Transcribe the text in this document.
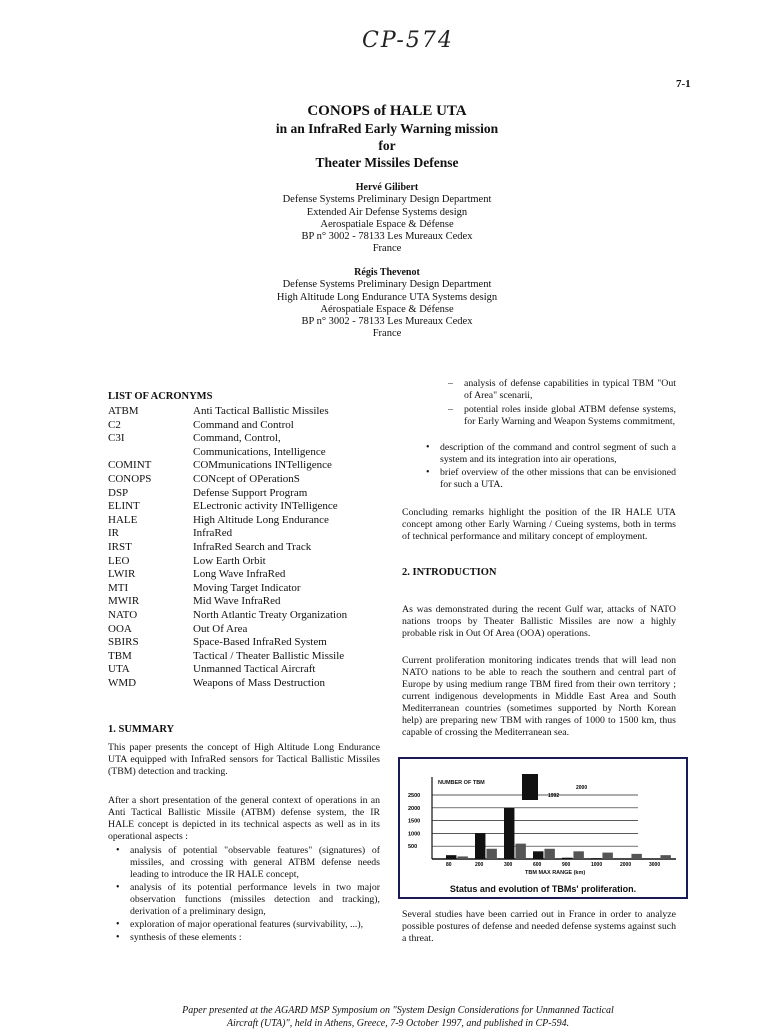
CP-574
7-1
CONOPS of HALE UTA
in an InfraRed Early Warning mission
for
Theater Missiles Defense
Hervé Gilibert
Defense Systems Preliminary Design Department
Extended Air Defense Systems design
Aerospatiale Espace & Défense
BP n° 3002 - 78133 Les Mureaux Cedex
France
Régis Thevenot
Defense Systems Preliminary Design Department
High Altitude Long Endurance UTA Systems design
Aérospatiale Espace & Défense
BP n° 3002 - 78133 Les Mureaux Cedex
France
LIST OF ACRONYMS
ATBM	Anti Tactical Ballistic Missiles
C2	Command and Control
C3I	Command, Control,
Communications, Intelligence
COMINT	COMmunications INTelligence
CONOPS	CONcept of OPerationS
DSP	Defense Support Program
ELINT	ELectronic activity INTelligence
HALE	High Altitude Long Endurance
IR	InfraRed
IRST	InfraRed Search and Track
LEO	Low Earth Orbit
LWIR	Long Wave InfraRed
MTI	Moving Target Indicator
MWIR	Mid Wave InfraRed
NATO	North Atlantic Treaty Organization
OOA	Out Of Area
SBIRS	Space-Based InfraRed System
TBM	Tactical / Theater Ballistic Missile
UTA	Unmanned Tactical Aircraft
WMD	Weapons of Mass Destruction
1. SUMMARY
This paper presents the concept of High Altitude Long Endurance UTA equipped with InfraRed sensors for Tactical Ballistic Missiles (TBM) detection and tracking.
After a short presentation of the general context of operations in an Anti Tactical Ballistic Missile (ATBM) defense system, the IR HALE concept is depicted in its technical aspects as well as in its operational aspects :
• analysis of potential "observable features" (signatures) of missiles, and crossing with general ATBM defense needs leading to introduce the IR HALE concept,
• analysis of its potential performance levels in two major observation functions (missiles detection and tracking), derivation of a preliminary design,
• exploration of major operational features (survivability, ...),
• synthesis of these elements :
– analysis of defense capabilities in typical TBM "Out of Area" scenarii,
– potential roles inside global ATBM defense systems, for Early Warning and Weapon Systems commitment,
• description of the command and control segment of such a system and its integration into air operations,
• brief overview of the other missions that can be envisioned for such a UTA.
Concluding remarks highlight the position of the IR HALE UTA concept among other Early Warning / Cueing systems, both in terms of technical performance and military concept of employment.
2. INTRODUCTION
As was demonstrated during the recent Gulf war, attacks of NATO nations troops by Theater Ballistic Missiles are now a highly probable risk in Out Of Area (OOA) operations.
Current proliferation monitoring indicates trends that will lead non NATO nations to be able to reach the southern and central part of Europe by using medium range TBM fired from their own territory ; current indigenous developments in Middle East Area and South Mediterranean countries (sometimes supported by North Korean help) are preparing new TBM with ranges of 1000 to 1500 km, thus capable of crossing the Mediterranean sea.
NUMBER OF TBM
TBM MAX RANGE (km)
2500
2000
1500
1000
500
80	200	300	600	900	1000	2000	3000
1992
2000
Status and evolution of TBMs' proliferation.
Several studies have been carried out in France in order to analyze possible postures of defense and needed defense systems against such a threat.
Paper presented at the AGARD MSP Symposium on "System Design Considerations for Unmanned Tactical
Aircraft (UTA)", held in Athens, Greece, 7-9 October 1997, and published in CP-594.
